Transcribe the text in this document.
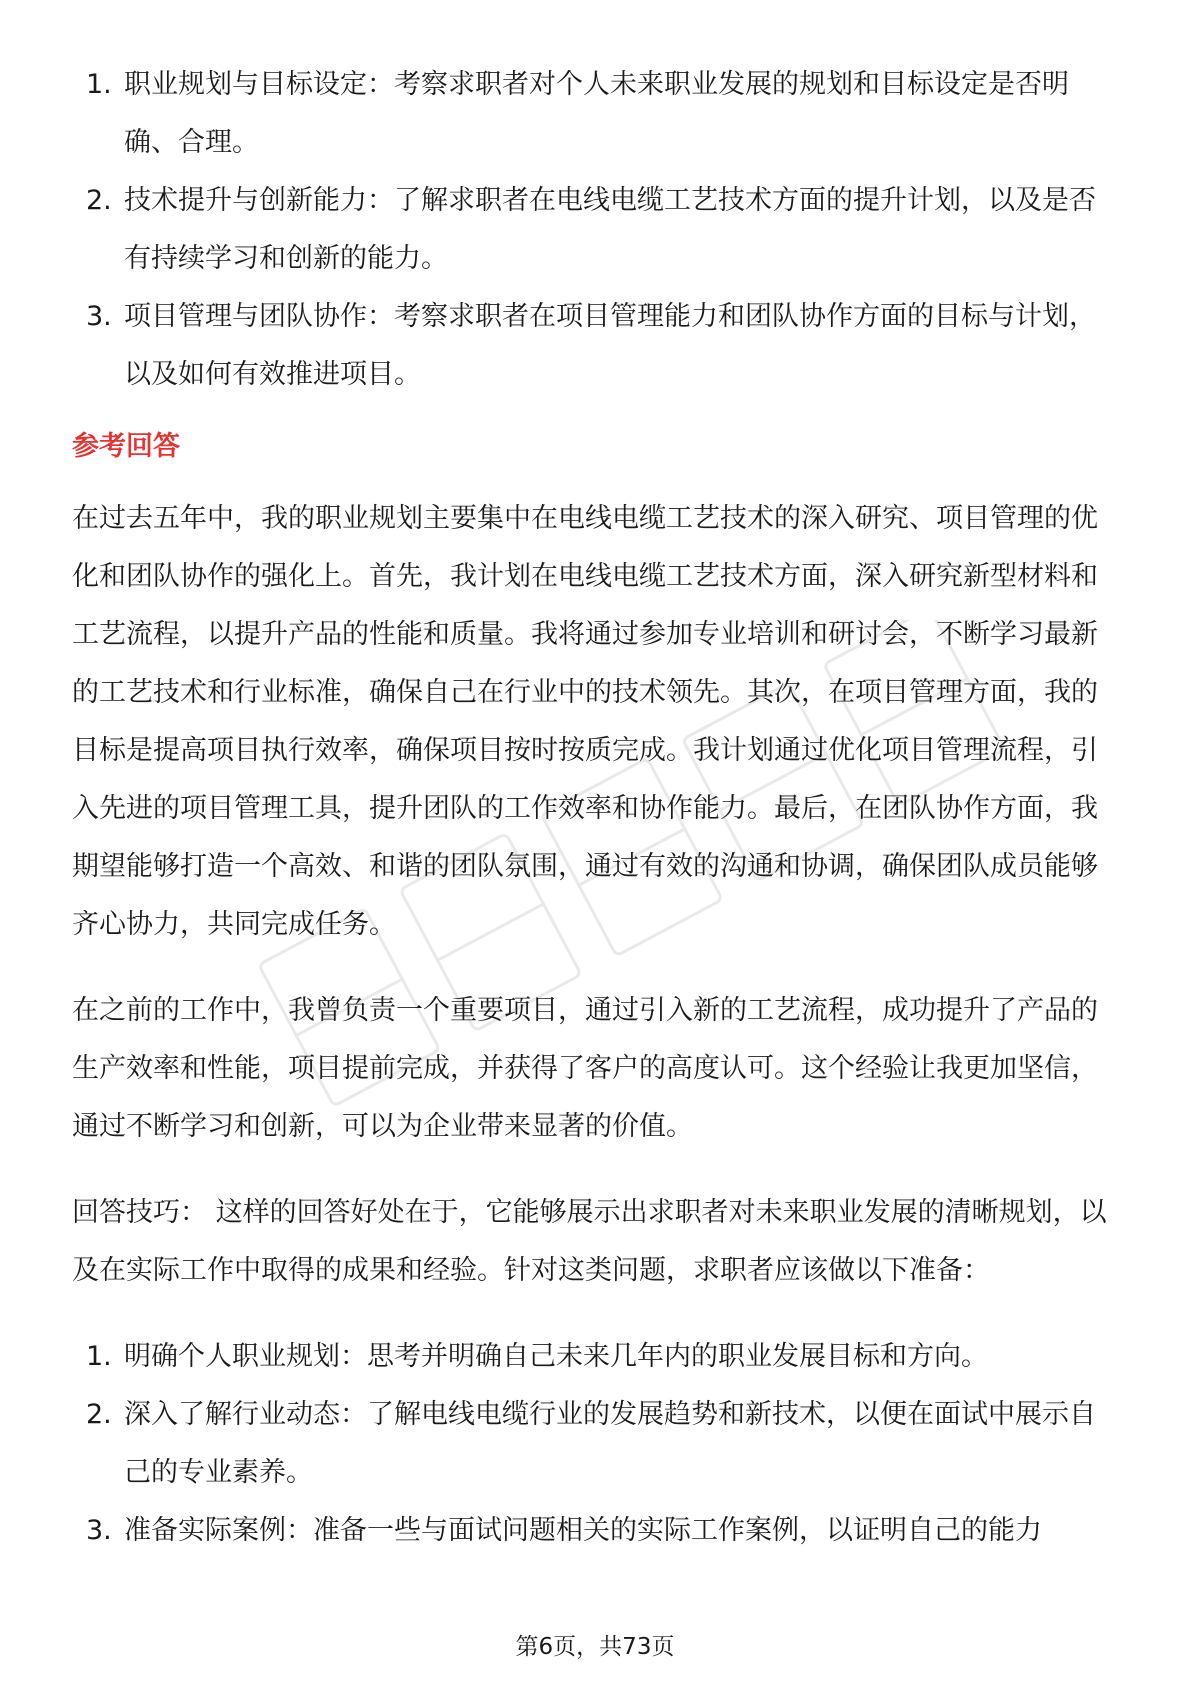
1. 职业规划与目标设定：考察求职者对个人未来职业发展的规划和目标设定是否明确、合理。
2. 技术提升与创新能力：了解求职者在电线电缆工艺技术方面的提升计划，以及是否有持续学习和创新的能力。
3. 项目管理与团队协作：考察求职者在项目管理能力和团队协作方面的目标与计划，以及如何有效推进项目。
参考回答

在过去五年中，我的职业规划主要集中在电线电缆工艺技术的深入研究、项目管理的优化和团队协作的强化上。首先，我计划在电线电缆工艺技术方面，深入研究新型材料和工艺流程，以提升产品的性能和质量。我将通过参加专业培训和研讨会，不断学习最新的工艺技术和行业标准，确保自己在行业中的技术领先。其次，在项目管理方面，我的目标是提高项目执行效率，确保项目按时按质完成。我计划通过优化项目管理流程，引入先进的项目管理工具，提升团队的工作效率和协作能力。最后，在团队协作方面，我期望能够打造一个高效、和谐的团队氛围，通过有效的沟通和协调，确保团队成员能够齐心协力，共同完成任务。

在之前的工作中，我曾负责一个重要项目，通过引入新的工艺流程，成功提升了产品的生产效率和性能，项目提前完成，并获得了客户的高度认可。这个经验让我更加坚信，通过不断学习和创新，可以为企业带来显著的价值。

回答技巧： 这样的回答好处在于，它能够展示出求职者对未来职业发展的清晰规划，以及在实际工作中取得的成果和经验。针对这类问题，求职者应该做以下准备：

1. 明确个人职业规划：思考并明确自己未来几年内的职业发展目标和方向。
2. 深入了解行业动态：了解电线电缆行业的发展趋势和新技术，以便在面试中展示自己的专业素养。
3. 准备实际案例：准备一些与面试问题相关的实际工作案例，以证明自己的能力
第6页，共73页
